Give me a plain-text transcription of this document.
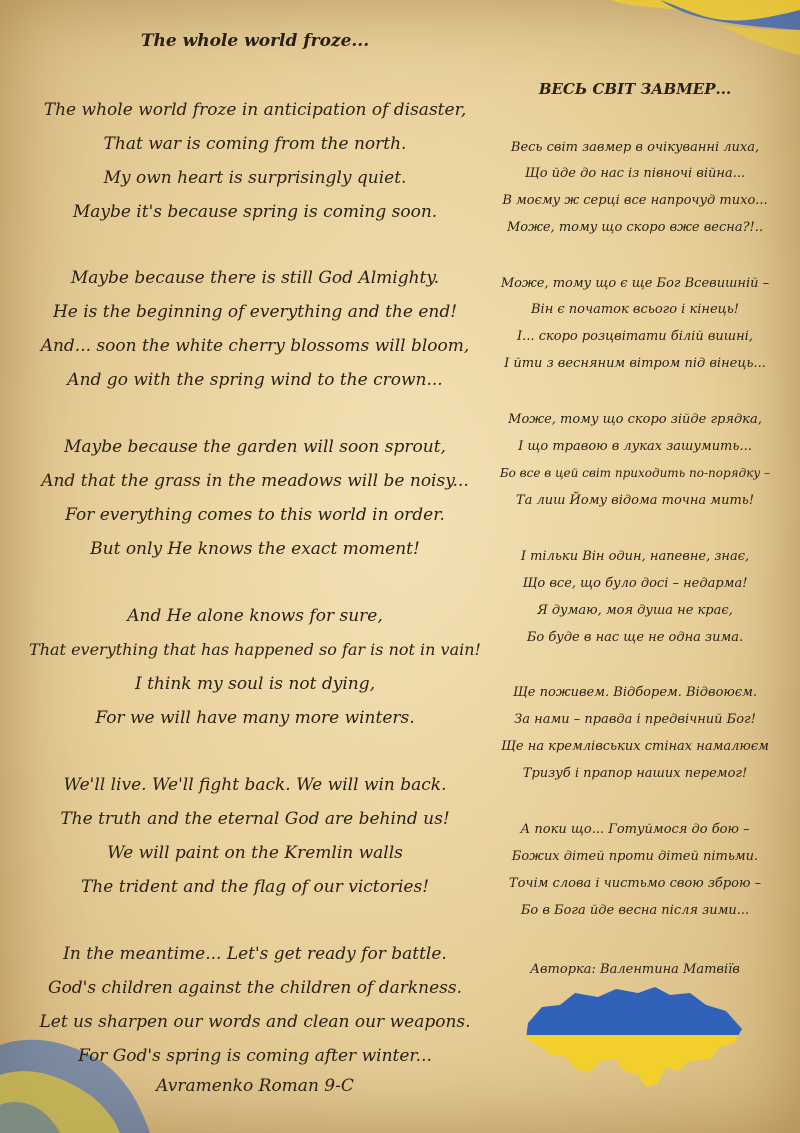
The whole world froze...
The whole world froze in anticipation of disaster,
That war is coming from the north.
My own heart is surprisingly quiet.
Maybe it's because spring is coming soon.
Maybe because there is still God Almighty.
He is the beginning of everything and the end!
And... soon the white cherry blossoms will bloom,
And go with the spring wind to the crown...
Maybe because the garden will soon sprout,
And that the grass in the meadows will be noisy...
For everything comes to this world in order.
But only He knows the exact moment!
And He alone knows for sure,
That everything that has happened so far is not in vain!
I think my soul is not dying,
For we will have many more winters.
We'll live. We'll fight back. We will win back.
The truth and the eternal God are behind us!
We will paint on the Kremlin walls
The trident and the flag of our victories!
In the meantime... Let's get ready for battle.
God's children against the children of darkness.
Let us sharpen our words and clean our weapons.
For God's spring is coming after winter...
Avramenko Roman 9-C
ВЕСЬ СВІТ ЗАВМЕР...
Весь світ завмер в очікуванні лиха,
Що йде до нас із півночі війна...
В моєму ж серці все напрочуд тихо...
Може, тому що скоро вже весна?!..
Може, тому що є ще Бог Всевишній –
Він є початок всього і кінець!
І... скоро розцвітати білій вишні,
І йти з весняним вітром під вінець...
Може, тому що скоро зійде грядка,
І що травою в луках зашумить...
Бо все в цей світ приходить по-порядку –
Та лиш Йому відома точна мить!
І тільки Він один, напевне, знає,
Що все, що було досі – недарма!
Я думаю, моя душа не крає,
Бо буде в нас ще не одна зима.
Ще поживем. Відборем. Відвоюєм.
За нами – правда і предвічний Бог!
Ще на кремлівських стінах намалюєм
Тризуб і прапор наших перемог!
А поки що... Готуймося до бою –
Божих дітей проти дітей пітьми.
Точім слова і чистьмо свою зброю –
Бо в Бога йде весна після зими...
Авторка: Валентина Матвіїв
